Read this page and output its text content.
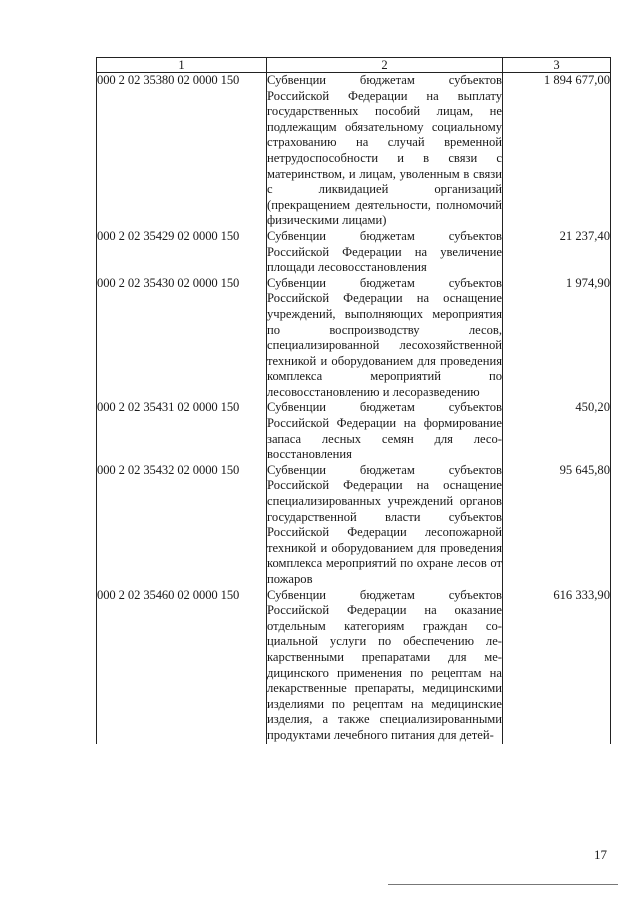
1	2	3
000 2 02 35380 02 0000 150	Субвенции бюджетам субъектов Российской Федерации на выплату государственных пособий лицам, не подлежащим обязательному социальному страхованию на случай временной нетрудоспособности и в связи с материнством, и лицам, уволенным в связи с ликвидацией организаций (прекращением деятельности, полномочий физическими лицами)	1 894 677,00
000 2 02 35429 02 0000 150	Субвенции бюджетам субъектов Российской Федерации на увеличение площади лесовосстановления	21 237,40
000 2 02 35430 02 0000 150	Субвенции бюджетам субъектов Российской Федерации на оснащение учреждений, выполняющих мероприятия по воспроизводству лесов, специализированной лесохозяйственной техникой и оборудованием для проведения комплекса мероприятий по лесовосстановлению и лесоразведению	1 974,90
000 2 02 35431 02 0000 150	Субвенции бюджетам субъектов Российской Федерации на формирование запаса лесных семян для лесовосстановления	450,20
000 2 02 35432 02 0000 150	Субвенции бюджетам субъектов Российской Федерации на оснащение специализированных учреждений органов государственной власти субъектов Российской Федерации лесопожарной техникой и оборудованием для проведения комплекса мероприятий по охране лесов от пожаров	95 645,80
000 2 02 35460 02 0000 150	Субвенции бюджетам субъектов Российской Федерации на оказание отдельным категориям граждан социальной услуги по обеспечению лекарственными препаратами для медицинского применения по рецептам на лекарственные препараты, медицинскими изделиями по рецептам на медицинские изделия, а также специализированными продуктами лечебного питания для детей-	616 333,90
17
